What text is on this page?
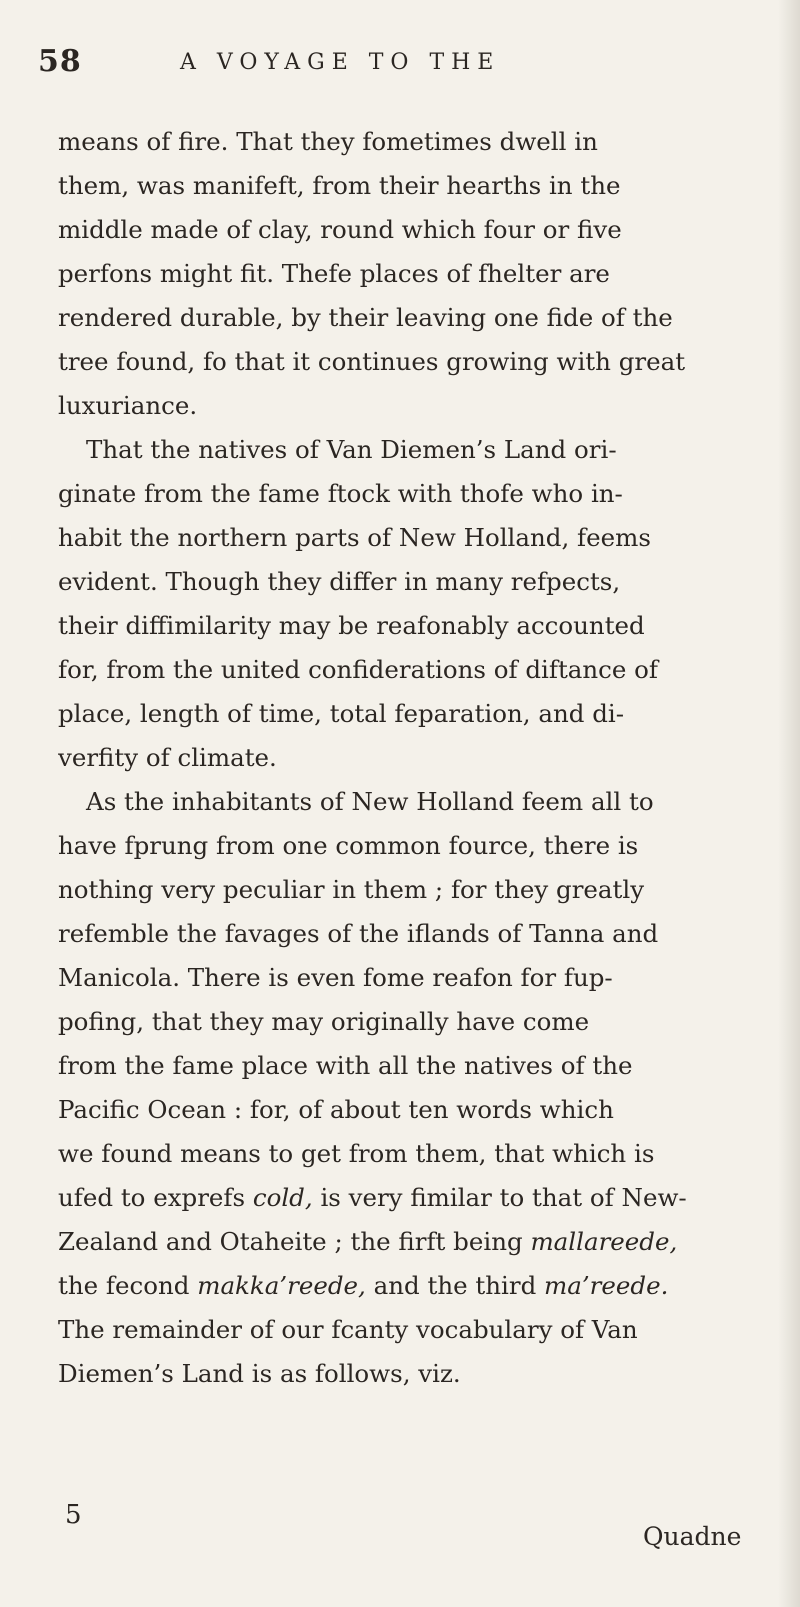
58	A VOYAGE TO THE
means of fire. That they fometimes dwell in
them, was manifeft, from their hearths in the
middle made of clay, round which four or five
perfons might fit. Thefe places of fhelter are
rendered durable, by their leaving one fide of the
tree found, fo that it continues growing with great
luxuriance.
That the natives of Van Diemen’s Land ori-
ginate from the fame ftock with thofe who in-
habit the northern parts of New Holland, feems
evident. Though they differ in many refpects,
their diffimilarity may be reafonably accounted
for, from the united confiderations of diftance of
place, length of time, total feparation, and di-
verfity of climate.
As the inhabitants of New Holland feem all to
have fprung from one common fource, there is
nothing very peculiar in them ; for they greatly
refemble the favages of the iflands of Tanna and
Manicola. There is even fome reafon for fup-
pofing, that they may originally have come
from the fame place with all the natives of the
Pacific Ocean : for, of about ten words which
we found means to get from them, that which is
ufed to exprefs cold, is very fimilar to that of New-
Zealand and Otaheite ; the firft being mallareede,
the fecond makka’reede, and the third ma’reede.
The remainder of our fcanty vocabulary of Van
Diemen’s Land is as follows, viz.
5
Quadne
